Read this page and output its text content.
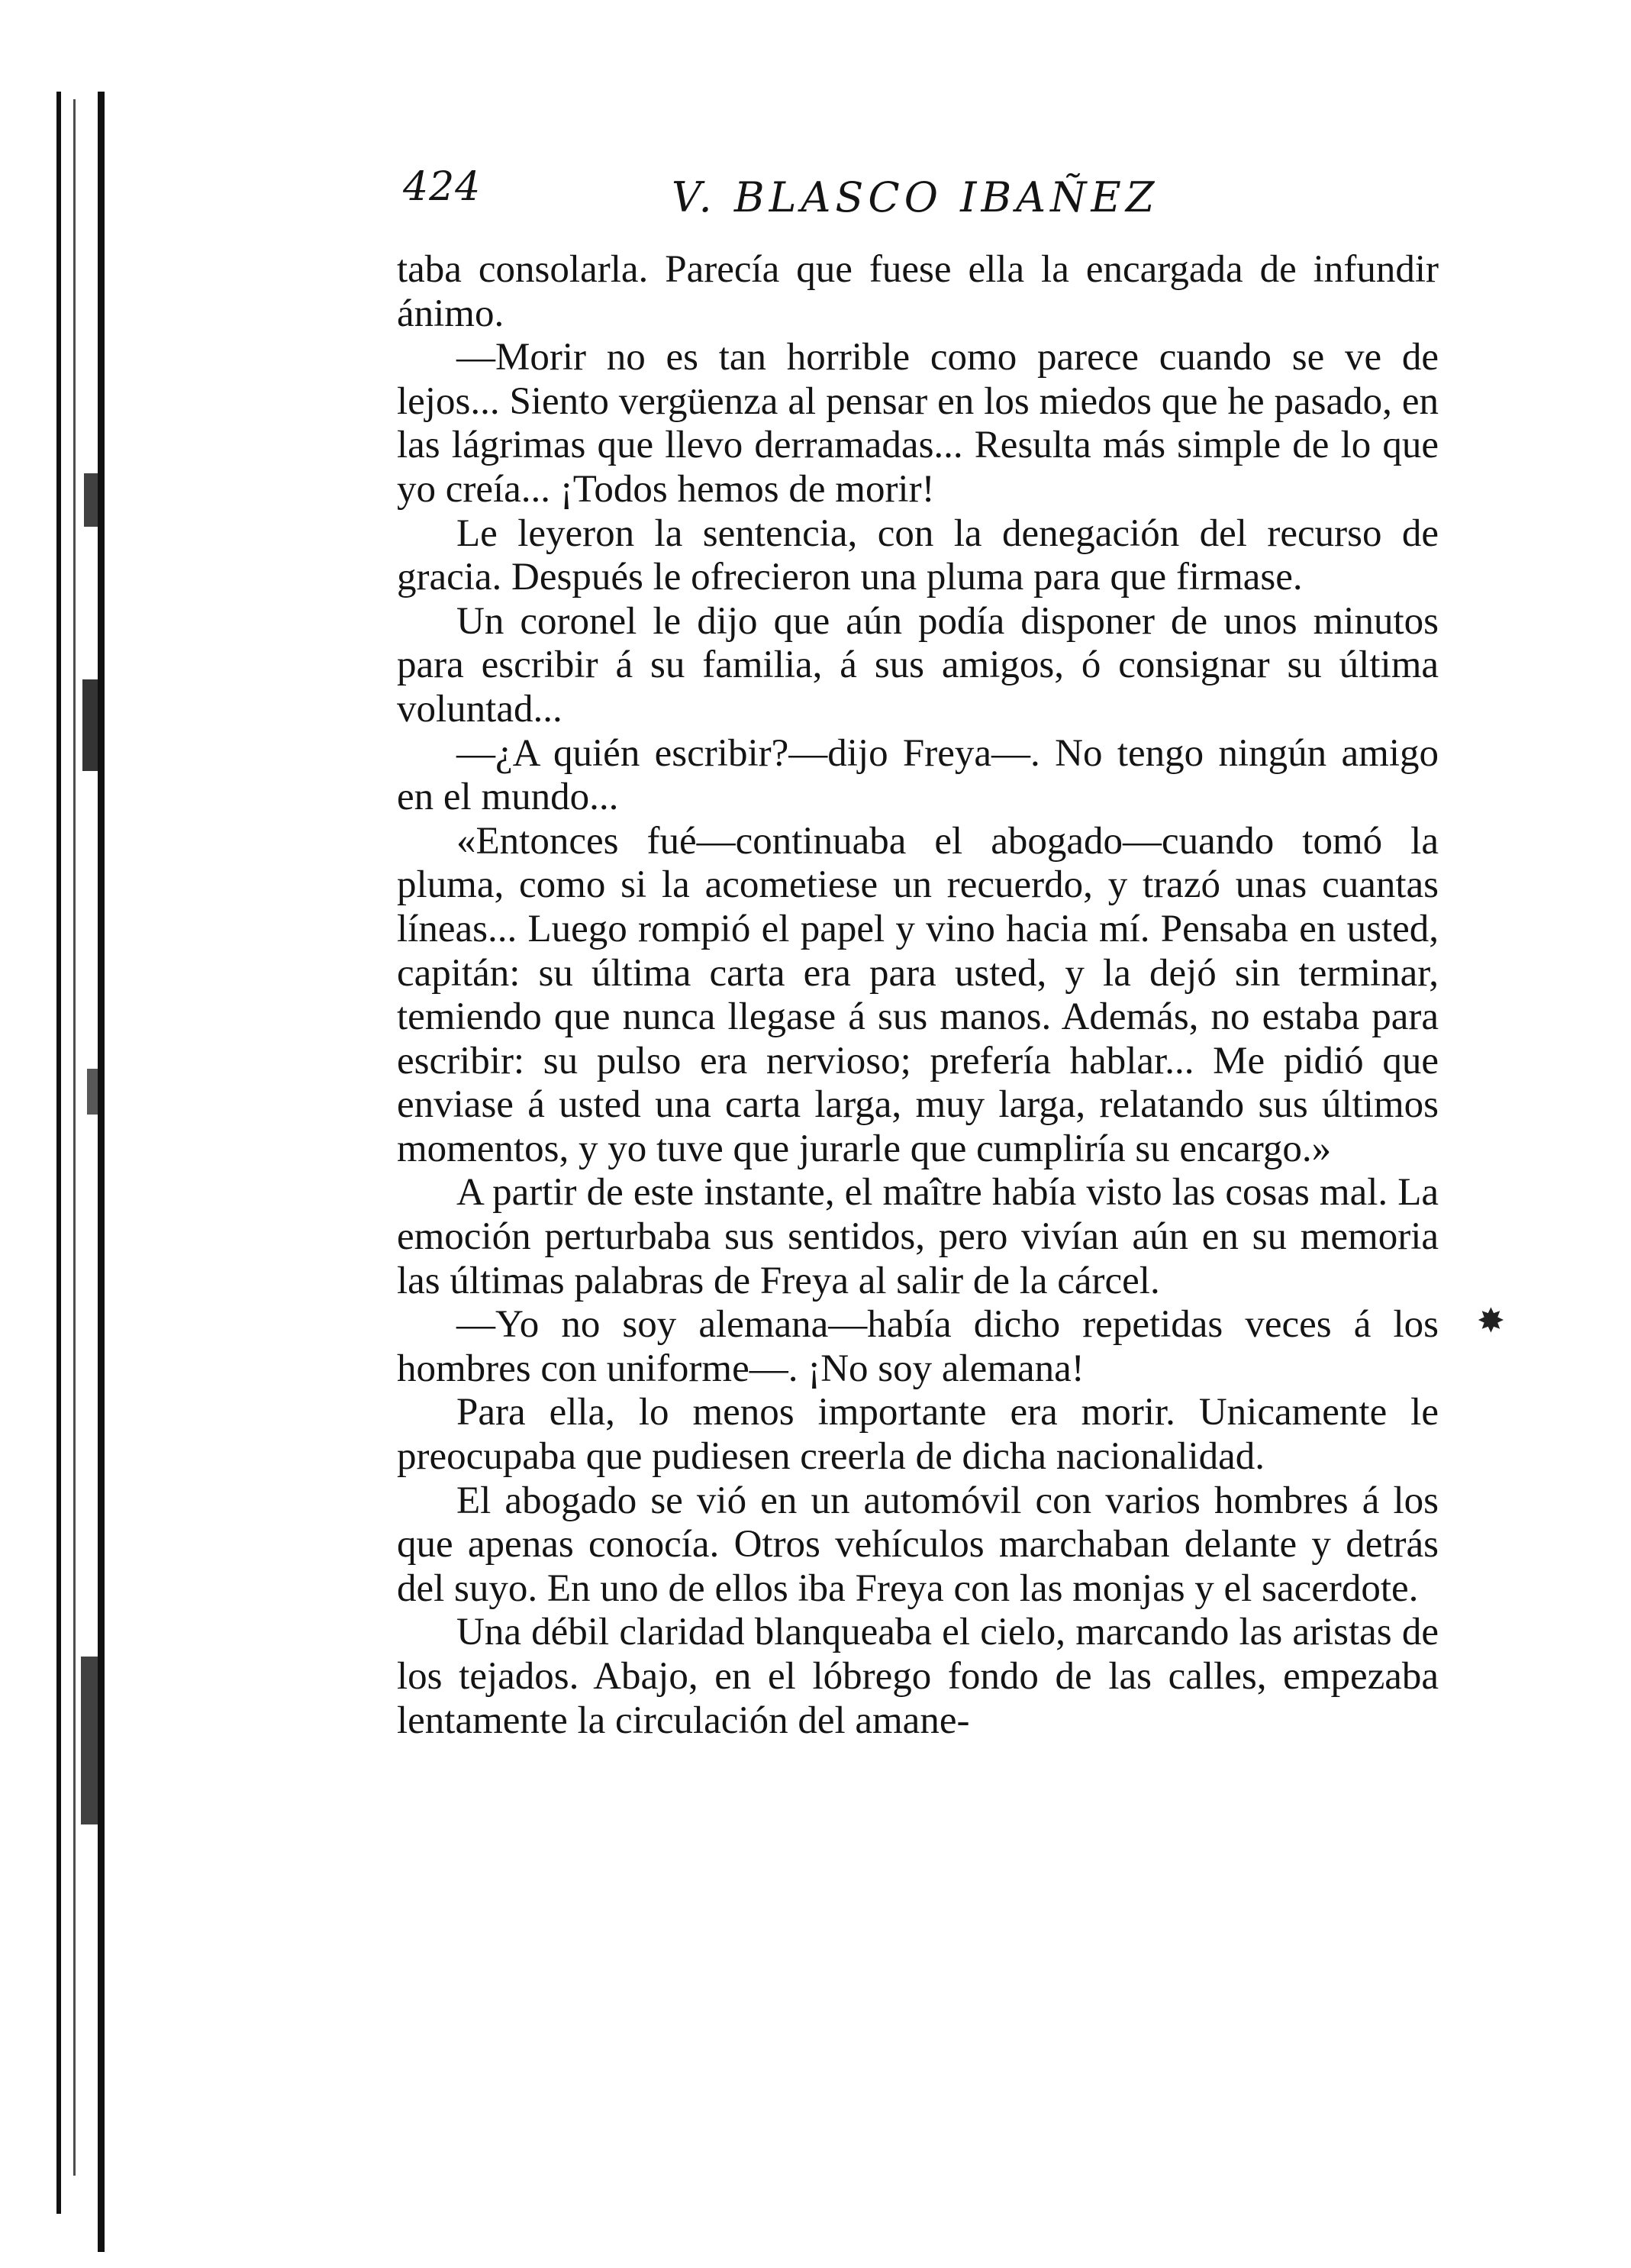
424	V. BLASCO IBAÑEZ

taba consolarla. Parecía que fuese ella la encargada de infundir ánimo.

—Morir no es tan horrible como parece cuando se ve de lejos... Siento vergüenza al pensar en los miedos que he pasado, en las lágrimas que llevo derramadas... Resulta más simple de lo que yo creía... ¡Todos hemos de morir!

Le leyeron la sentencia, con la denegación del recurso de gracia. Después le ofrecieron una pluma para que firmase.

Un coronel le dijo que aún podía disponer de unos minutos para escribir á su familia, á sus amigos, ó consignar su última voluntad...

—¿A quién escribir?—dijo Freya—. No tengo ningún amigo en el mundo...

«Entonces fué—continuaba el abogado—cuando tomó la pluma, como si la acometiese un recuerdo, y trazó unas cuantas líneas... Luego rompió el papel y vino hacia mí. Pensaba en usted, capitán: su última carta era para usted, y la dejó sin terminar, temiendo que nunca llegase á sus manos. Además, no estaba para escribir: su pulso era nervioso; prefería hablar... Me pidió que enviase á usted una carta larga, muy larga, relatando sus últimos momentos, y yo tuve que jurarle que cumpliría su encargo.»

A partir de este instante, el maître había visto las cosas mal. La emoción perturbaba sus sentidos, pero vivían aún en su memoria las últimas palabras de Freya al salir de la cárcel.

—Yo no soy alemana—había dicho repetidas veces á los hombres con uniforme—. ¡No soy alemana!

Para ella, lo menos importante era morir. Unicamente le preocupaba que pudiesen creerla de dicha nacionalidad.

El abogado se vió en un automóvil con varios hombres á los que apenas conocía. Otros vehículos marchaban delante y detrás del suyo. En uno de ellos iba Freya con las monjas y el sacerdote.

Una débil claridad blanqueaba el cielo, marcando las aristas de los tejados. Abajo, en el lóbrego fondo de las calles, empezaba lentamente la circulación del amane-

✸
